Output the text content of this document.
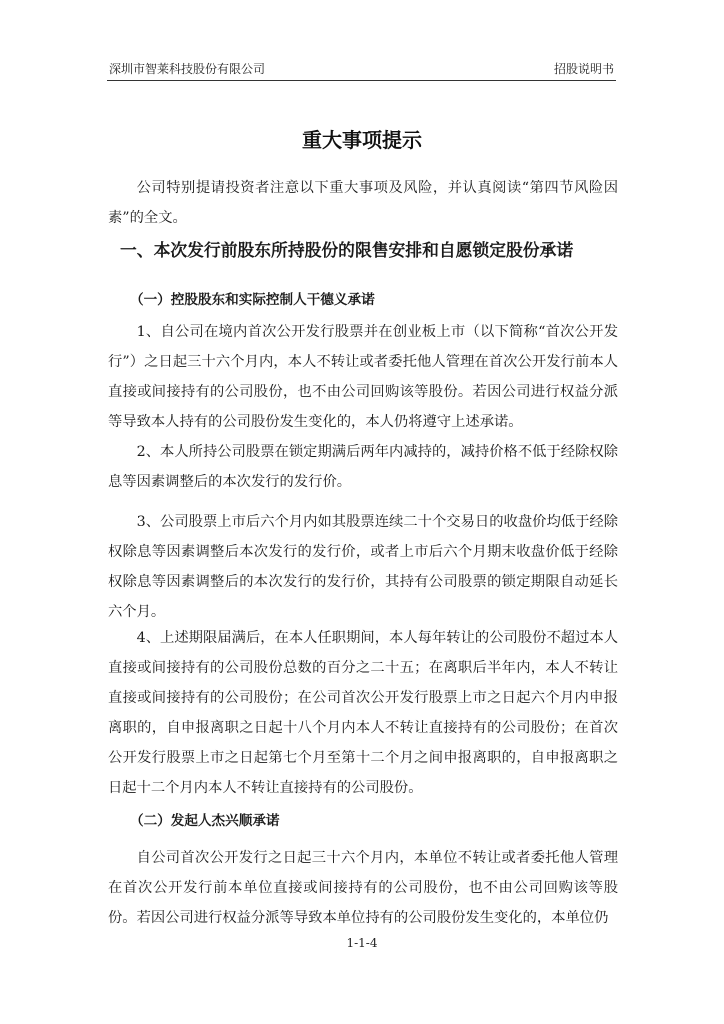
深圳市智莱科技股份有限公司	招股说明书
重大事项提示

公司特别提请投资者注意以下重大事项及风险，并认真阅读“第四节风险因素”的全文。

一、本次发行前股东所持股份的限售安排和自愿锁定股份承诺
（一）控股股东和实际控制人干德义承诺

1、自公司在境内首次公开发行股票并在创业板上市（以下简称“首次公开发行”）之日起三十六个月内，本人不转让或者委托他人管理在首次公开发行前本人直接或间接持有的公司股份，也不由公司回购该等股份。若因公司进行权益分派等导致本人持有的公司股份发生变化的，本人仍将遵守上述承诺。

2、本人所持公司股票在锁定期满后两年内减持的，减持价格不低于经除权除息等因素调整后的本次发行的发行价。

3、公司股票上市后六个月内如其股票连续二十个交易日的收盘价均低于经除权除息等因素调整后本次发行的发行价，或者上市后六个月期末收盘价低于经除权除息等因素调整后的本次发行的发行价，其持有公司股票的锁定期限自动延长六个月。

4、上述期限届满后，在本人任职期间，本人每年转让的公司股份不超过本人直接或间接持有的公司股份总数的百分之二十五；在离职后半年内，本人不转让直接或间接持有的公司股份；在公司首次公开发行股票上市之日起六个月内申报离职的，自申报离职之日起十八个月内本人不转让直接持有的公司股份；在首次公开发行股票上市之日起第七个月至第十二个月之间申报离职的，自申报离职之日起十二个月内本人不转让直接持有的公司股份。

（二）发起人杰兴顺承诺

自公司首次公开发行之日起三十六个月内，本单位不转让或者委托他人管理在首次公开发行前本单位直接或间接持有的公司股份，也不由公司回购该等股份。若因公司进行权益分派等导致本单位持有的公司股份发生变化的，本单位仍

1-1-4
